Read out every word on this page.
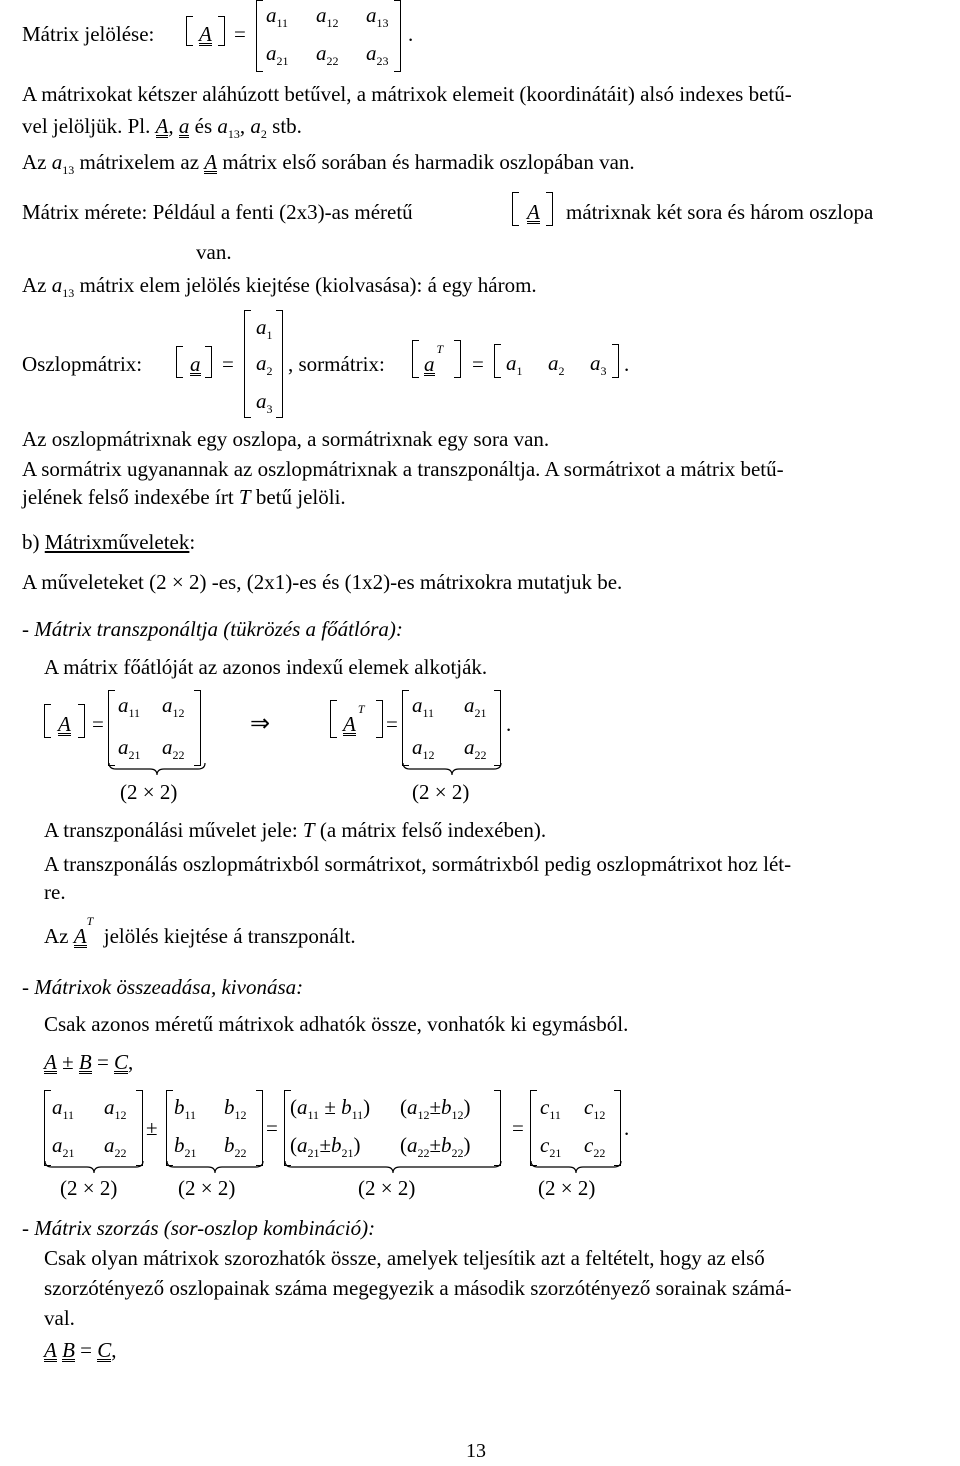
Mátrix jelölése: A =
$a_{11}$ $a_{12}$ $a_{13}$
$a_{21}$ $a_{22}$ $a_{23}$
.
A mátrixokat kétszer aláhúzott betűvel, a mátrixok elemeit (koordinátáit) alsó indexes betű-
vel jelöljük. Pl. A, a és $a_{13}$, $a_2$ stb.
Az $a_{13}$ mátrixelem az A mátrix első sorában és harmadik oszlopában van.
Mátrix mérete: Például a fenti (2x3)-as méretű	A mátrixnak két sora és három oszlopa
van.
Az $a_{13}$ mátrix elem jelölés kiejtése (kiolvasása): á egy három.
Oszlopmátrix: a =
$a_1$
$a_2$
$a_3$
, sormátrix: $a^T$
= $a_1$ $a_2$ $a_3$ .
Az oszlopmátrixnak egy oszlopa, a sormátrixnak egy sora van.
A sormátrix ugyanannak az oszlopmátrixnak a transzponáltja. A sormátrixot a mátrix betű-
jelének felső indexébe írt T betű jelöli.
b) Mátrixműveletek:
A műveleteket (2 × 2) -es, (2x1)-es és (1x2)-es mátrixokra mutatjuk be.
- Mátrix transzponáltja (tükrözés a főátlóra):
A mátrix főátlóját az azonos indexű elemek alkotják.
A =
$a_{11}$ $a_{12}$
$a_{21}$ $a_{22}$
(2 × 2)
⇒	$A^T$
=
$a_{11}$ $a_{21}$
$a_{12}$ $a_{22}$
.
(2 × 2)
A transzponálási művelet jele: T (a mátrix felső indexében).
A transzponálás oszlopmátrixból sormátrixot, sormátrixból pedig oszlopmátrixot hoz lét-
re.
Az $A^T$  jelölés kiejtése á transzponált.
- Mátrixok összeadása, kivonása:
Csak azonos méretű mátrixok adhatók össze, vonhatók ki egymásból.
A ± B = C,
$a_{11}$ $a_{12}$
$a_{21}$ $a_{22}$
(2 × 2)
±
$b_{11}$ $b_{12}$
$b_{21}$ $b_{22}$
(2 × 2)
=
$(a_{11} \pm b_{11})$ $(a_{12}\pm b_{12})$
$(a_{21}\pm b_{21})$ $(a_{22}\pm b_{22})$
(2 × 2)
=
$c_{11}$ $c_{12}$
$c_{21}$ $c_{22}$
.
(2 × 2)
- Mátrix szorzás (sor-oszlop kombináció):
Csak olyan mátrixok szorozhatók össze, amelyek teljesítik azt a feltételt, hogy az első
szorzótényező oszlopainak száma megegyezik a második szorzótényező sorainak számá-
val.
A B = C,
13
